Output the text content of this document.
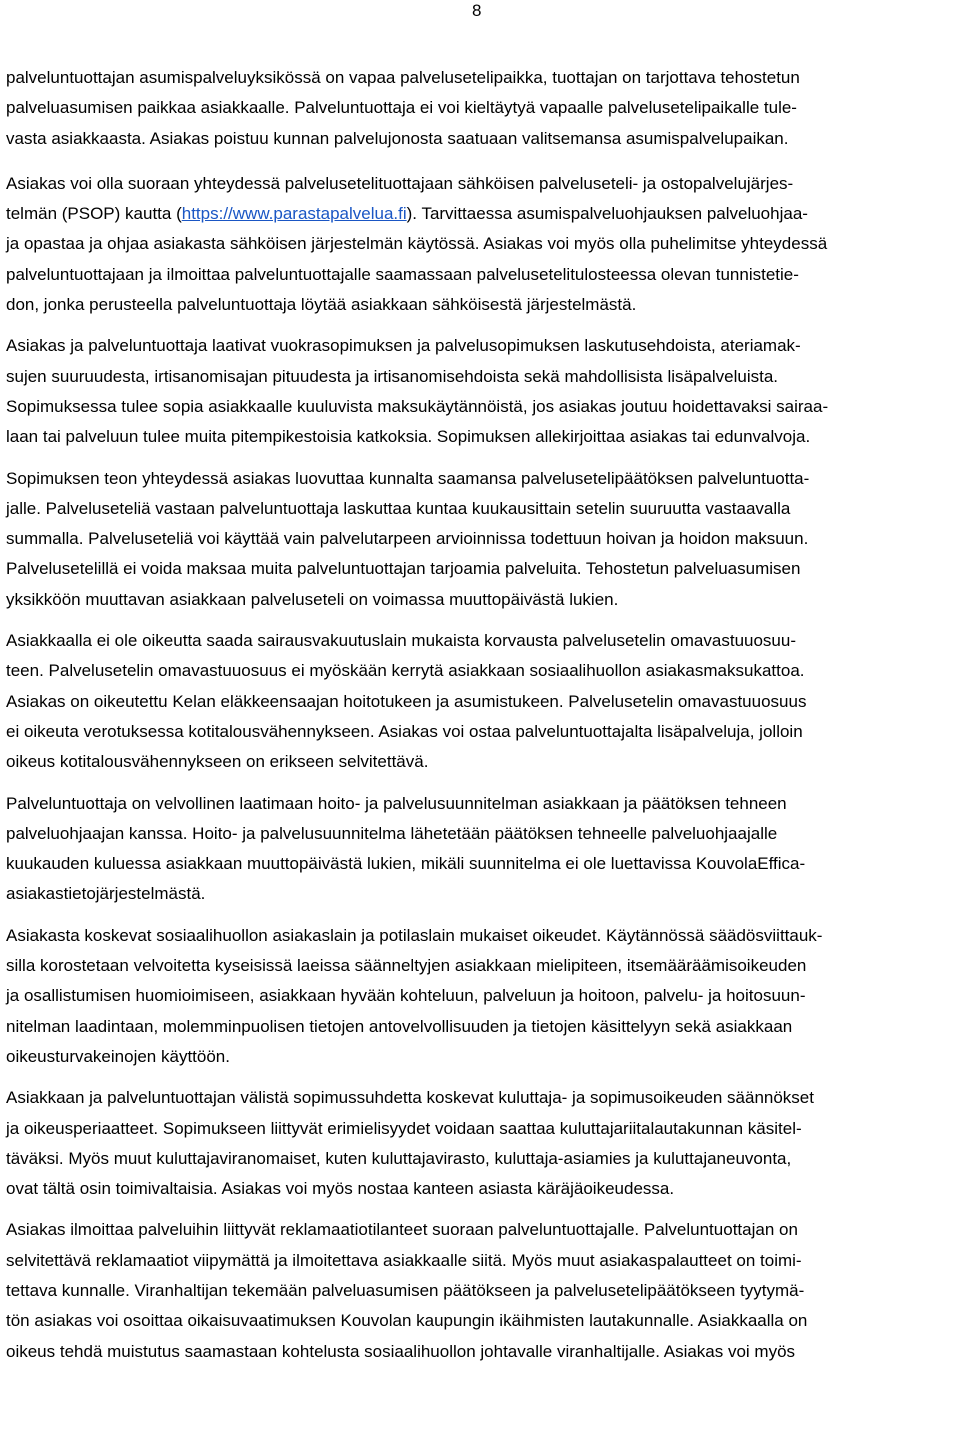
8

palveluntuottajan asumispalveluyksikössä on vapaa palvelusetelipaikka, tuottajan on tarjottava tehostetun
palveluasumisen paikkaa asiakkaalle. Palveluntuottaja ei voi kieltäytyä vapaalle palvelusetelipaikalle tule-
vasta asiakkaasta. Asiakas poistuu kunnan palvelujonosta saatuaan valitsemansa asumispalvelupaikan.

Asiakas voi olla suoraan yhteydessä palvelusetelituottajaan sähköisen palveluseteli- ja ostopalvelujärjes-
telmän (PSOP) kautta (https://www.parastapalvelua.fi). Tarvittaessa asumispalveluohjauksen palveluohjaa-
ja opastaa ja ohjaa asiakasta sähköisen järjestelmän käytössä. Asiakas voi myös olla puhelimitse yhteydessä
palveluntuottajaan ja ilmoittaa palveluntuottajalle saamassaan palvelusetelitulosteessa olevan tunnistetie-
don, jonka perusteella palveluntuottaja löytää asiakkaan sähköisestä järjestelmästä.

Asiakas ja palveluntuottaja laativat vuokrasopimuksen ja palvelusopimuksen laskutusehdoista, ateriamak-
sujen suuruudesta, irtisanomisajan pituudesta ja irtisanomisehdoista sekä mahdollisista lisäpalveluista.
Sopimuksessa tulee sopia asiakkaalle kuuluvista maksukäytännöistä, jos asiakas joutuu hoidettavaksi sairaa-
laan tai palveluun tulee muita pitempikestoisia katkoksia. Sopimuksen allekirjoittaa asiakas tai edunvalvoja.

Sopimuksen teon yhteydessä asiakas luovuttaa kunnalta saamansa palvelusetelipäätöksen palveluntuotta-
jalle. Palveluseteliä vastaan palveluntuottaja laskuttaa kuntaa kuukausittain setelin suuruutta vastaavalla
summalla. Palveluseteliä voi käyttää vain palvelutarpeen arvioinnissa todettuun hoivan ja hoidon maksuun.
Palvelusetelillä ei voida maksaa muita palveluntuottajan tarjoamia palveluita. Tehostetun palveluasumisen
yksikköön muuttavan asiakkaan palveluseteli on voimassa muuttopäivästä lukien.

Asiakkaalla ei ole oikeutta saada sairausvakuutuslain mukaista korvausta palvelusetelin omavastuuosuu-
teen. Palvelusetelin omavastuuosuus ei myöskään kerrytä asiakkaan sosiaalihuollon asiakasmaksukattoa.
Asiakas on oikeutettu Kelan eläkkeensaajan hoitotukeen ja asumistukeen. Palvelusetelin omavastuuosuus
ei oikeuta verotuksessa kotitalousvähennykseen. Asiakas voi ostaa palveluntuottajalta lisäpalveluja, jolloin
oikeus kotitalousvähennykseen on erikseen selvitettävä.

Palveluntuottaja on velvollinen laatimaan hoito- ja palvelusuunnitelman asiakkaan ja päätöksen tehneen
palveluohjaajan kanssa. Hoito- ja palvelusuunnitelma lähetetään päätöksen tehneelle palveluohjaajalle
kuukauden kuluessa asiakkaan muuttopäivästä lukien, mikäli suunnitelma ei ole luettavissa KouvolaEffica-
asiakastietojärjestelmästä.

Asiakasta koskevat sosiaalihuollon asiakaslain ja potilaslain mukaiset oikeudet. Käytännössä säädösviittauk-
silla korostetaan velvoitetta kyseisissä laeissa säänneltyjen asiakkaan mielipiteen, itsemääräämisoikeuden
ja osallistumisen huomioimiseen, asiakkaan hyvään kohteluun, palveluun ja hoitoon, palvelu- ja hoitosuun-
nitelman laadintaan, molemminpuolisen tietojen antovelvollisuuden ja tietojen käsittelyyn sekä asiakkaan
oikeusturvakeinojen käyttöön.

Asiakkaan ja palveluntuottajan välistä sopimussuhdetta koskevat kuluttaja- ja sopimusoikeuden säännökset
ja oikeusperiaatteet. Sopimukseen liittyvät erimielisyydet voidaan saattaa kuluttajariitalautakunnan käsitel-
täväksi. Myös muut kuluttajaviranomaiset, kuten kuluttajavirasto, kuluttaja-asiamies ja kuluttajaneuvonta,
ovat tältä osin toimivaltaisia. Asiakas voi myös nostaa kanteen asiasta käräjäoikeudessa.

Asiakas ilmoittaa palveluihin liittyvät reklamaatiotilanteet suoraan palveluntuottajalle. Palveluntuottajan on
selvitettävä reklamaatiot viipymättä ja ilmoitettava asiakkaalle siitä. Myös muut asiakaspalautteet on toimi-
tettava kunnalle. Viranhaltijan tekemään palveluasumisen päätökseen ja palvelusetelipäätökseen tyytymä-
tön asiakas voi osoittaa oikaisuvaatimuksen Kouvolan kaupungin ikäihmisten lautakunnalle. Asiakkaalla on
oikeus tehdä muistutus saamastaan kohtelusta sosiaalihuollon johtavalle viranhaltijalle. Asiakas voi myös
